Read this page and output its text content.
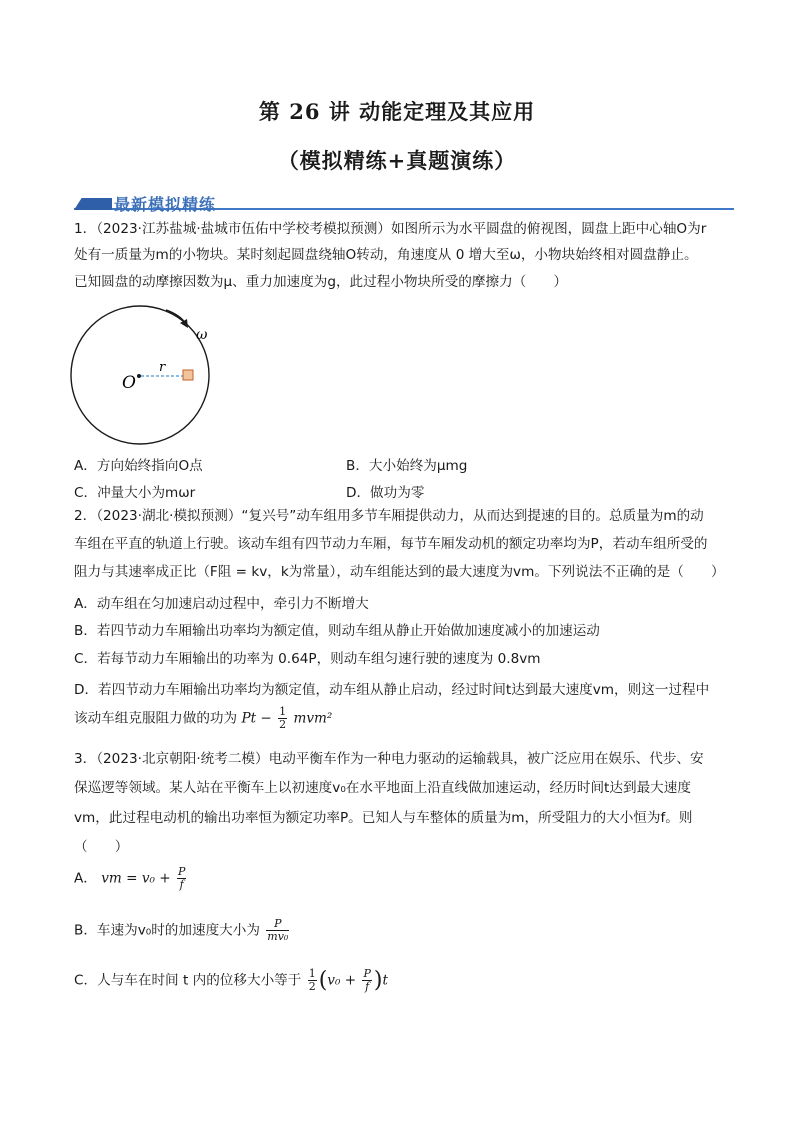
第 26 讲 动能定理及其应用
（模拟精练+真题演练）
最新模拟精练
1．（2023·江苏盐城·盐城市伍佑中学校考模拟预测）如图所示为水平圆盘的俯视图，圆盘上距中心轴O为r
处有一质量为m的小物块。某时刻起圆盘绕轴O转动，角速度从 0 增大至ω，小物块始终相对圆盘静止。
已知圆盘的动摩擦因数为μ、重力加速度为g，此过程小物块所受的摩擦力（　　）
r
O
ω
A．方向始终指向O点	B．大小始终为μmg
C．冲量大小为mωr	D．做功为零
2．（2023·湖北·模拟预测）“复兴号”动车组用多节车厢提供动力，从而达到提速的目的。总质量为m的动
车组在平直的轨道上行驶。该动车组有四节动力车厢，每节车厢发动机的额定功率均为P，若动车组所受的
阻力与其速率成正比（F阻 = kv，k为常量），动车组能达到的最大速度为vm。下列说法不正确的是（　　）
A．动车组在匀加速启动过程中，牵引力不断增大
B．若四节动力车厢输出功率均为额定值，则动车组从静止开始做加速度减小的加速运动
C．若每节动力车厢输出的功率为 0.64P，则动车组匀速行驶的速度为 0.8vm
D．若四节动力车厢输出功率均为额定值，动车组从静止启动，经过时间t达到最大速度vm，则这一过程中
该动车组克服阻力做的功为 $Pt - \frac{1}{2} mvm^2$
3．（2023·北京朝阳·统考二模）电动平衡车作为一种电力驱动的运输载具，被广泛应用在娱乐、代步、安
保巡逻等领域。某人站在平衡车上以初速度v₀在水平地面上沿直线做加速运动，经历时间t达到最大速度
vm，此过程电动机的输出功率恒为额定功率P。已知人与车整体的质量为m，所受阻力的大小恒为f。则
（　　）
A． vm = $v_0 + \frac{P}{f}$
B．车速为v₀时的加速度大小为 $\frac{P}{\text{mv₀}}$
C．人与车在时间 t 内的位移大小等于 $\frac{1}{2} (v_0 + \frac{P}{f} )t$
